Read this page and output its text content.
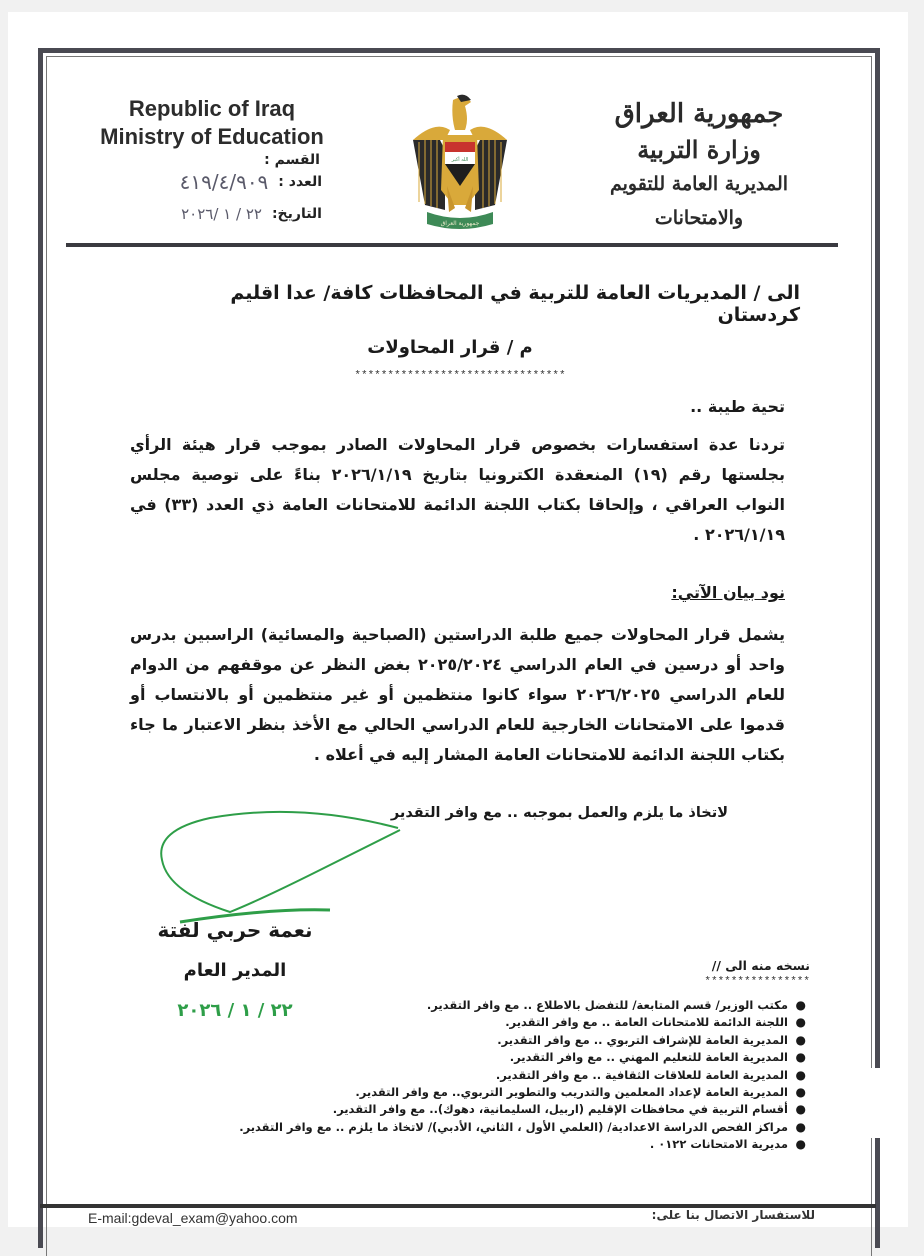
Republic of Iraq
Ministry of Education
القسم :
العدد :
٤١٩/٤/٩٠٩
التاريخ:
٢٢ / ١ /٢٠٢٦
الله أكبر
جمهورية العراق
جمهورية العراق
وزارة التربية
المديرية العامة للتقويم والامتحانات
الى / المديريات العامة للتربية في المحافظات كافة/ عدا اقليم كردستان
م / قرار المحاولات
********************************
تحية طيبة ..
تردنا عدة استفسارات بخصوص قرار المحاولات الصادر بموجب قرار هيئة الرأي بجلستها رقم (١٩) المنعقدة الكترونيا بتاريخ ٢٠٢٦/١/١٩ بناءً على توصية مجلس النواب العراقي ، وإلحاقا بكتاب اللجنة الدائمة للامتحانات العامة ذي العدد (٣٣) في ٢٠٢٦/١/١٩ .
نود بيان الآتي:
يشمل قرار المحاولات جميع طلبة الدراستين (الصباحية والمسائية) الراسبين بدرس واحد أو درسين في العام الدراسي ٢٠٢٥/٢٠٢٤ بغض النظر عن موقفهم من الدوام للعام الدراسي ٢٠٢٦/٢٠٢٥ سواء كانوا منتظمين أو غير منتظمين أو بالانتساب أو قدموا على الامتحانات الخارجية للعام الدراسي الحالي مع الأخذ بنظر الاعتبار ما جاء بكتاب اللجنة الدائمة للامتحانات العامة المشار إليه في أعلاه .
لاتخاذ ما يلزم والعمل بموجبه .. مع وافر التقدير
نعمة حربي لفتة
المدير العام
٢٢ / ١ / ٢٠٢٦
نسخه منه الى //
****************
●
مكتب الوزير/ قسم المتابعة/ للتفضل بالاطلاع .. مع وافر التقدير.
●
اللجنة الدائمة للامتحانات العامة .. مع وافر التقدير.
●
المديرية العامة للإشراف التربوي .. مع وافر التقدير.
●
المديرية العامة للتعليم المهني .. مع وافر التقدير.
●
المديرية العامة للعلاقات الثقافية .. مع وافر التقدير.
●
المديرية العامة لإعداد المعلمين والتدريب والتطوير التربوي.. مع وافر التقدير.
●
أقسام التربية في محافظات الإقليم (اربيل، السليمانية، دهوك).. مع وافر التقدير.
●
مراكز الفحص الدراسة الاعدادية/ (العلمي الأول ، الثاني، الأدبي)/ لاتخاذ ما يلزم .. مع وافر التقدير.
●
مديرية الامتحانات ٠١٢٢ .
E-mail:gdeval_exam@yahoo.com	للاستفسار الاتصال بنا على:
